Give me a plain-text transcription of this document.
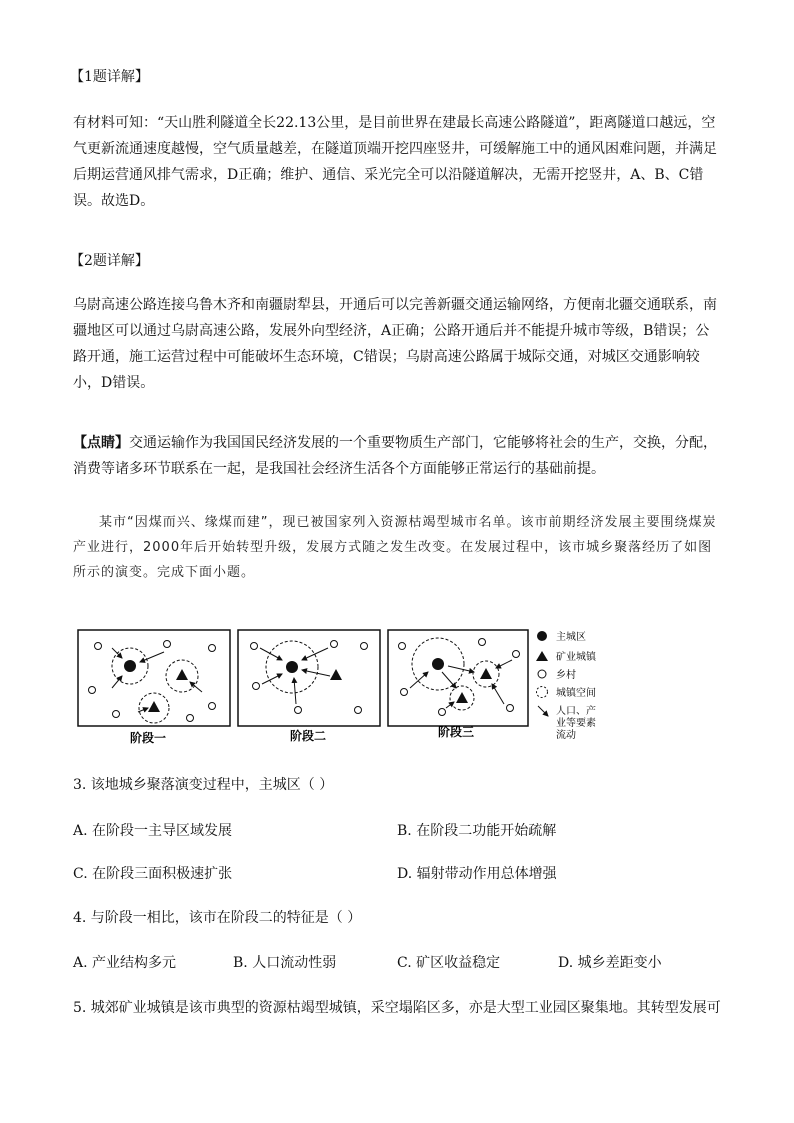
【1题详解】
有材料可知：“天山胜利隧道全长22.13公里，是目前世界在建最长高速公路隧道”，距离隧道口越远，空气更新流通速度越慢，空气质量越差，在隧道顶端开挖四座竖井，可缓解施工中的通风困难问题，并满足后期运营通风排气需求，D正确；维护、通信、采光完全可以沿隧道解决，无需开挖竖井，A、B、C错误。故选D。
【2题详解】
乌尉高速公路连接乌鲁木齐和南疆尉犁县，开通后可以完善新疆交通运输网络，方便南北疆交通联系，南疆地区可以通过乌尉高速公路，发展外向型经济，A正确；公路开通后并不能提升城市等级，B错误；公路开通，施工运营过程中可能破坏生态环境，C错误；乌尉高速公路属于城际交通，对城区交通影响较小，D错误。
【点睛】交通运输作为我国国民经济发展的一个重要物质生产部门，它能够将社会的生产，交换，分配，消费等诸多环节联系在一起，是我国社会经济生活各个方面能够正常运行的基础前提。
某市“因煤而兴、缘煤而建”，现已被国家列入资源枯竭型城市名单。该市前期经济发展主要围绕煤炭产业进行，2000年后开始转型升级，发展方式随之发生改变。在发展过程中，该市城乡聚落经历了如图所示的演变。完成下面小题。
主城区
矿业城镇
乡村
城镇空间
人口、产
业等要素
流动
阶段一	阶段二	阶段三
3. 该地城乡聚落演变过程中，主城区（ ）
A. 在阶段一主导区域发展	B. 在阶段二功能开始疏解
C. 在阶段三面积极速扩张	D. 辐射带动作用总体增强
4. 与阶段一相比，该市在阶段二的特征是（ ）
A. 产业结构多元	B. 人口流动性弱	C. 矿区收益稳定	D. 城乡差距变小
5. 城郊矿业城镇是该市典型的资源枯竭型城镇，采空塌陷区多，亦是大型工业园区聚集地。其转型发展可
